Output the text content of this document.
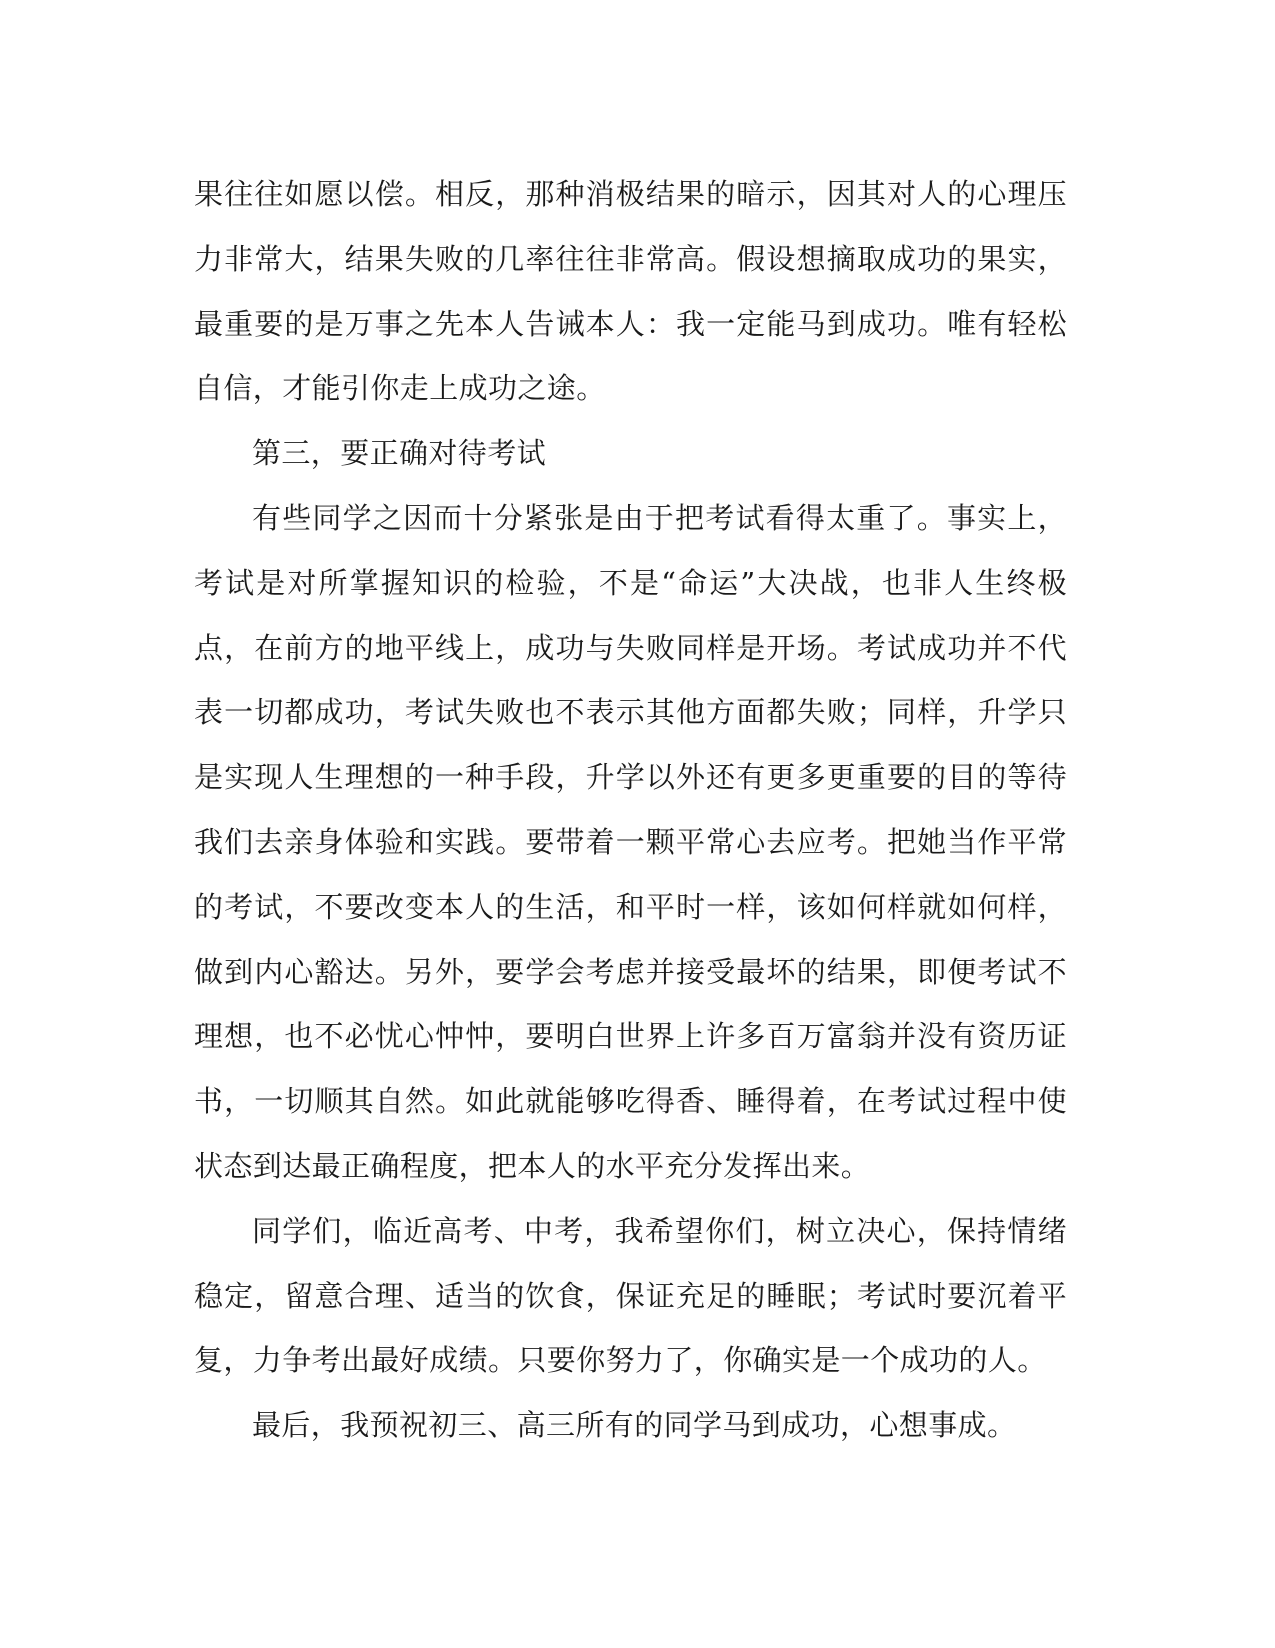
果往往如愿以偿。相反，那种消极结果的暗示，因其对人的心理压力非常大，结果失败的几率往往非常高。假设想摘取成功的果实，最重要的是万事之先本人告诫本人：我一定能马到成功。唯有轻松自信，才能引你走上成功之途。

第三，要正确对待考试

有些同学之因而十分紧张是由于把考试看得太重了。事实上，考试是对所掌握知识的检验，不是“命运”大决战，也非人生终极点，在前方的地平线上，成功与失败同样是开场。考试成功并不代表一切都成功，考试失败也不表示其他方面都失败；同样，升学只是实现人生理想的一种手段，升学以外还有更多更重要的目的等待我们去亲身体验和实践。要带着一颗平常心去应考。把她当作平常的考试，不要改变本人的生活，和平时一样，该如何样就如何样，做到内心豁达。另外，要学会考虑并接受最坏的结果，即便考试不理想，也不必忧心忡忡，要明白世界上许多百万富翁并没有资历证书，一切顺其自然。如此就能够吃得香、睡得着，在考试过程中使状态到达最正确程度，把本人的水平充分发挥出来。

同学们，临近高考、中考，我希望你们，树立决心，保持情绪稳定，留意合理、适当的饮食，保证充足的睡眠；考试时要沉着平复，力争考出最好成绩。只要你努力了，你确实是一个成功的人。

最后，我预祝初三、高三所有的同学马到成功，心想事成。
